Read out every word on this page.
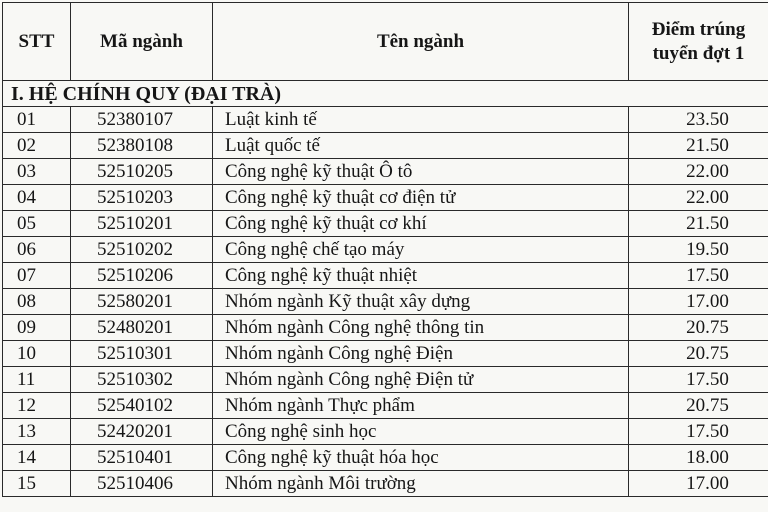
STT	Mã ngành	Tên ngành	Điểm trúng
tuyển đợt 1
I. HỆ CHÍNH QUY (ĐẠI TRÀ)			
01	52380107	Luật kinh tế	23.50
02	52380108	Luật quốc tế	21.50
03	52510205	Công nghệ kỹ thuật Ô tô	22.00
04	52510203	Công nghệ kỹ thuật cơ điện tử	22.00
05	52510201	Công nghệ kỹ thuật cơ khí	21.50
06	52510202	Công nghệ chế tạo máy	19.50
07	52510206	Công nghệ kỹ thuật nhiệt	17.50
08	52580201	Nhóm ngành Kỹ thuật xây dựng	17.00
09	52480201	Nhóm ngành Công nghệ thông tin	20.75
10	52510301	Nhóm ngành Công nghệ Điện	20.75
11	52510302	Nhóm ngành Công nghệ Điện tử	17.50
12	52540102	Nhóm ngành Thực phẩm	20.75
13	52420201	Công nghệ sinh học	17.50
14	52510401	Công nghệ kỹ thuật hóa học	18.00
15	52510406	Nhóm ngành Môi trường	17.00
